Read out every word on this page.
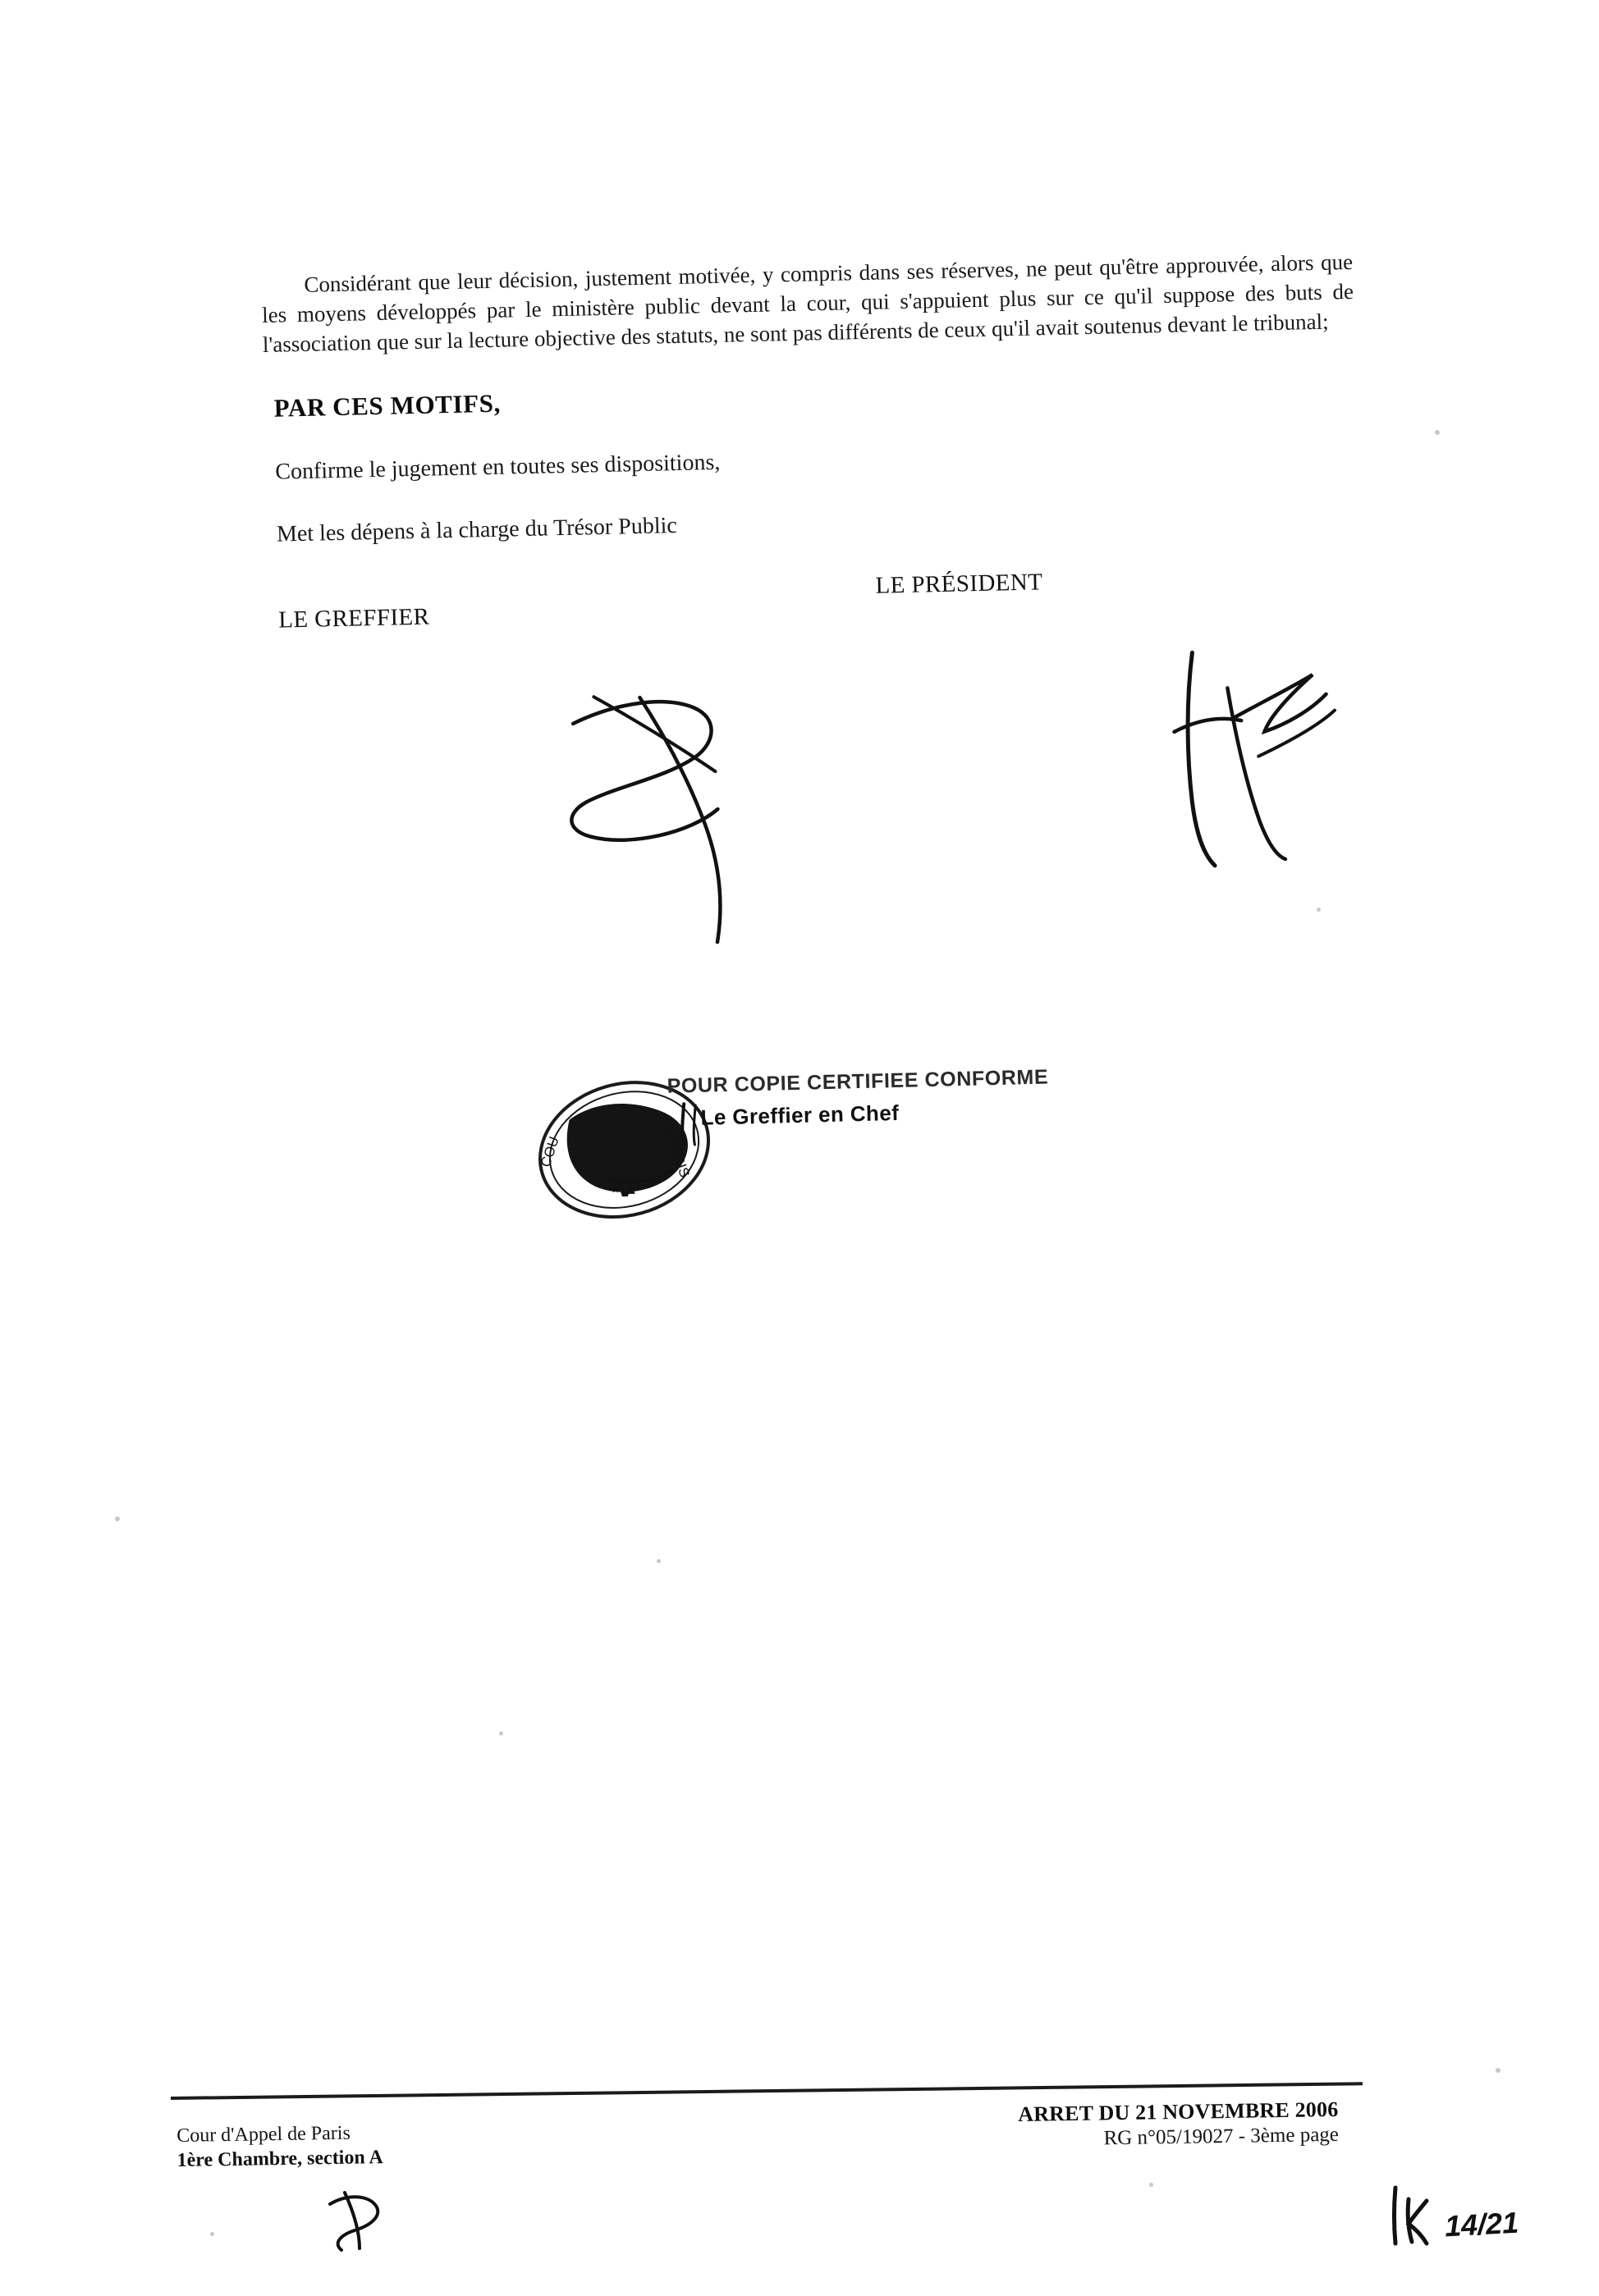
Considérant que leur décision, justement motivée, y compris dans ses réserves, ne peut qu'être approuvée, alors que les moyens développés par le ministère public devant la cour, qui s'appuient plus sur ce qu'il suppose des buts de l'association que sur la lecture objective des statuts, ne sont pas différents de ceux qu'il avait soutenus devant le tribunal;

PAR CES MOTIFS,

Confirme le jugement en toutes ses dispositions,

Met les dépens à la charge du Trésor Public

LE GREFFIER
LE PRÉSIDENT
★
COU	E PARIS
POUR COPIE CERTIFIEE CONFORME
Le Greffier en Chef
Cour d'Appel de Paris
1ère Chambre, section A
ARRET DU 21 NOVEMBRE 2006
RG n°05/19027 - 3ème page
14/21
